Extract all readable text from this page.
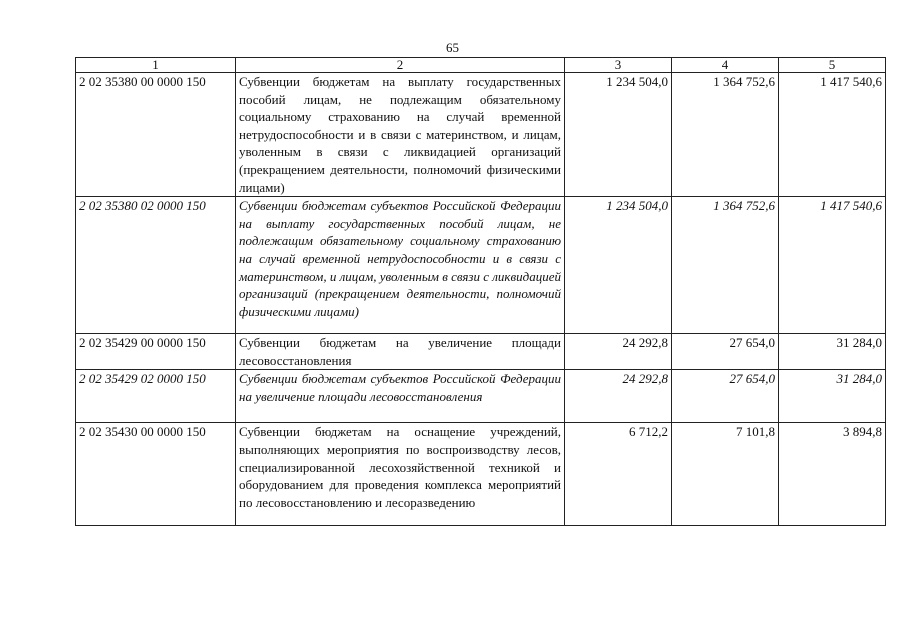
65
1	2	3	4	5
2 02 35380 00 0000 150	Субвенции бюджетам на выплату государственных пособий лицам, не подлежащим обязательному социальному страхованию на случай временной нетрудоспособности и в связи с материнством, и лицам, уволенным в связи с ликвидацией организаций (прекращением деятельности, полномочий физическими лицами)	1 234 504,0	1 364 752,6	1 417 540,6
2 02 35380 02 0000 150	Субвенции бюджетам субъектов Российской Федерации на выплату государственных пособий лицам, не подлежащим обязательному социальному страхованию на случай временной нетрудоспособности и в связи с материнством, и лицам, уволенным в связи с ликвидацией организаций (прекращением деятельности, полномочий физическими лицами)	1 234 504,0	1 364 752,6	1 417 540,6
2 02 35429 00 0000 150	Субвенции бюджетам на увеличение площади лесовосстановления	24 292,8	27 654,0	31 284,0
2 02 35429 02 0000 150	Субвенции бюджетам субъектов Российской Федерации на увеличение площади лесовосстановления	24 292,8	27 654,0	31 284,0
2 02 35430 00 0000 150	Субвенции бюджетам на оснащение учреждений, выполняющих мероприятия по воспроизводству лесов, специализированной лесохозяйственной техникой и оборудованием для проведения комплекса мероприятий по лесовосстановлению и лесоразведению	6 712,2	7 101,8	3 894,8
